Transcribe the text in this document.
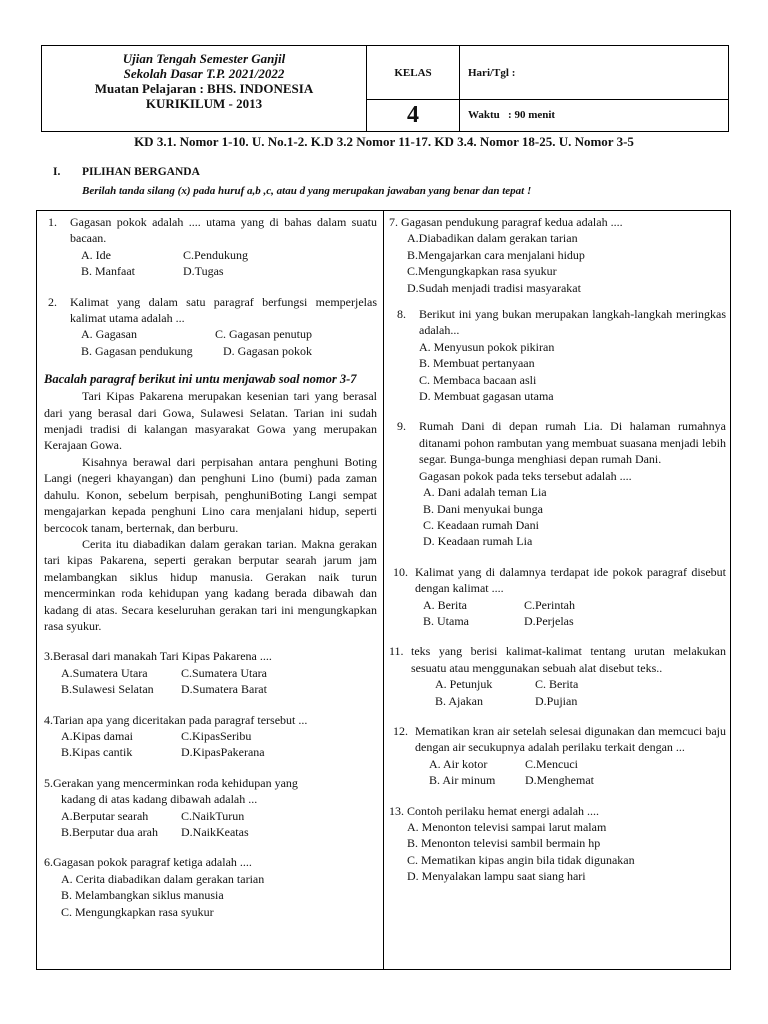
Ujian Tengah Semester Ganjil
Sekolah Dasar T.P. 2021/2022
Muatan Pelajaran : BHS. INDONESIA
KURIKILUM - 2013
KELAS
4
Hari/Tgl :
Waktu : 90 menit
KD 3.1. Nomor 1-10. U. No.1-2. K.D 3.2 Nomor 11-17. KD 3.4. Nomor 18-25. U. Nomor 3-5
I. PILIHAN BERGANDA
Berilah tanda silang (x) pada huruf a,b ,c, atau d yang merupakan jawaban yang benar dan tepat !
1. Gagasan pokok adalah .... utama yang di bahas dalam suatu bacaan.
A. Ide	C.Pendukung
B. Manfaat	D.Tugas
2. Kalimat yang dalam satu paragraf berfungsi memperjelas kalimat utama adalah ...
A. Gagasan	C. Gagasan penutup
B. Gagasan pendukung	D. Gagasan pokok
Bacalah paragraf berikut ini untu menjawab soal nomor 3-7

Tari Kipas Pakarena merupakan kesenian tari yang berasal dari yang berasal dari Gowa, Sulawesi Selatan. Tarian ini sudah menjadi tradisi di kalangan masyarakat Gowa yang merupakan Kerajaan Gowa.

Kisahnya berawal dari perpisahan antara penghuni Boting Langi (negeri khayangan) dan penghuni Lino (bumi) pada zaman dahulu. Konon, sebelum berpisah, penghuniBoting Langi sempat mengajarkan kepada penghuni Lino cara menjalani hidup, seperti bercocok tanam, berternak, dan berburu.

Cerita itu diabadikan dalam gerakan tarian. Makna gerakan tari kipas Pakarena, seperti gerakan berputar searah jarum jam melambangkan siklus hidup manusia. Gerakan naik turun mencerminkan roda kehidupan yang kadang berada dibawah dan kadang di atas. Secara keseluruhan gerakan tari ini mengungkapkan rasa syukur.

3.Berasal dari manakah Tari Kipas Pakarena ....
A.Sumatera Utara	C.Sumatera Utara
B.Sulawesi Selatan	D.Sumatera Barat
4.Tarian apa yang diceritakan pada paragraf tersebut ...
A.Kipas damai	C.KipasSeribu
B.Kipas cantik	D.KipasPakerana
5.Gerakan yang mencerminkan roda kehidupan yang
kadang di atas kadang dibawah adalah ...
A.Berputar searah	C.NaikTurun
B.Berputar dua arah	D.NaikKeatas
6.Gagasan pokok paragraf ketiga adalah ....
A. Cerita diabadikan dalam gerakan tarian
B. Melambangkan siklus manusia
C. Mengungkapkan rasa syukur
7. Gagasan pendukung paragraf kedua adalah ....
A.Diabadikan dalam gerakan tarian
B.Mengajarkan cara menjalani hidup
C.Mengungkapkan rasa syukur
D.Sudah menjadi tradisi masyarakat
8. Berikut ini yang bukan merupakan langkah-langkah meringkas adalah...
A. Menyusun pokok pikiran
B. Membuat pertanyaan
C. Membaca bacaan asli
D. Membuat gagasan utama
9. Rumah Dani di depan rumah Lia. Di halaman rumahnya ditanami pohon rambutan yang membuat suasana menjadi lebih segar. Bunga-bunga menghiasi depan rumah Dani.
Gagasan pokok pada teks tersebut adalah ....
A. Dani adalah teman Lia
B. Dani menyukai bunga
C. Keadaan rumah Dani
D. Keadaan rumah Lia
10. Kalimat yang di dalamnya terdapat ide pokok paragraf disebut dengan kalimat ....
A. Berita	C.Perintah
B. Utama	D.Perjelas
11. teks yang berisi kalimat-kalimat tentang urutan melakukan sesuatu atau menggunakan sebuah alat disebut teks..
A. Petunjuk	C. Berita
B. Ajakan	D.Pujian
12. Mematikan kran air setelah selesai digunakan dan memcuci baju dengan air secukupnya adalah perilaku terkait dengan ...
A. Air kotor	C.Mencuci
B. Air minum	D.Menghemat
13. Contoh perilaku hemat energi adalah ....
A. Menonton televisi sampai larut malam
B. Menonton televisi sambil bermain hp
C. Mematikan kipas angin bila tidak digunakan
D. Menyalakan lampu saat siang hari
